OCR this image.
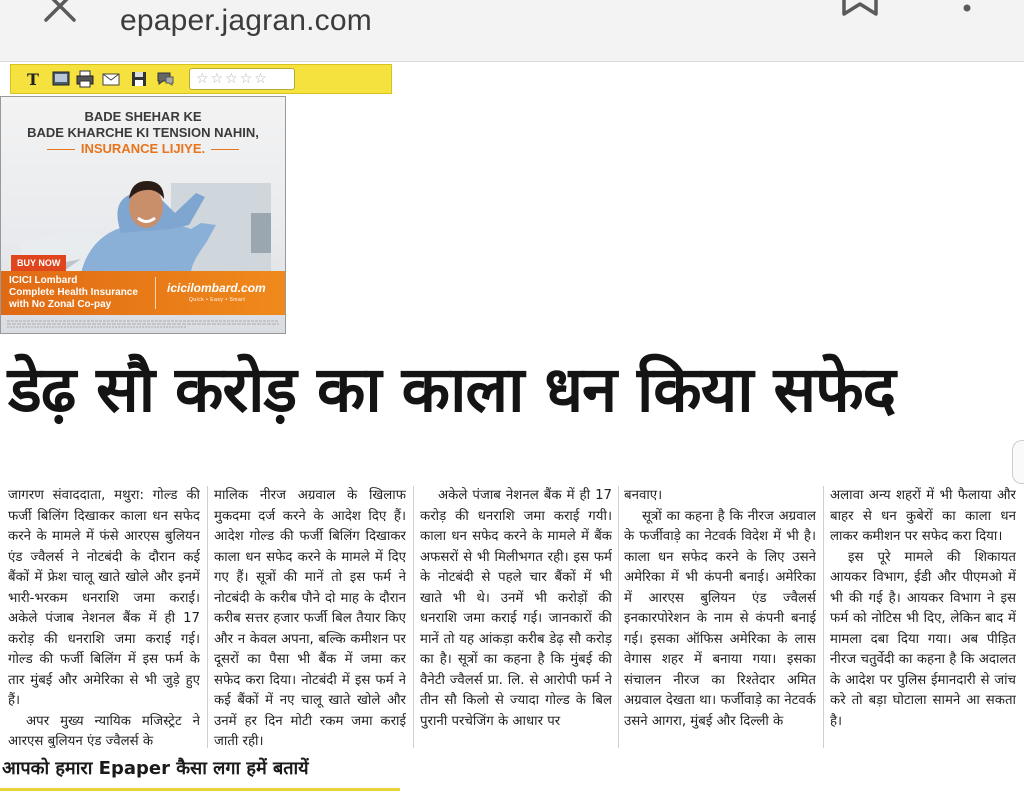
epaper.jagran.com
T	☆ ☆ ☆ ☆ ☆
BADE SHEHAR KE
BADE KHARCHE KI TENSION NAHIN,
INSURANCE LIJIYE.
BUY NOW
ICICI Lombard
Complete Health Insurance
with No Zonal Co-pay
icicilombard.com
Quick • Easy • Smart
डेढ़ सौ करोड़ का काला धन किया सफेद

जागरण संवाददाता, मथुरा: गोल्ड की फर्जी बिलिंग दिखाकर काला धन सफेद करने के मामले में फंसे आरएस बुलियन एंड ज्वैलर्स ने नोटबंदी के दौरान कई बैंकों में फ्रेश चालू खाते खोले और इनमें भारी-भरकम धनराशि जमा कराई। अकेले पंजाब नेशनल बैंक में ही 17 करोड़ की धनराशि जमा कराई गई। गोल्ड की फर्जी बिलिंग में इस फर्म के तार मुंबई और अमेरिका से भी जुड़े हुए हैं।

अपर मुख्य न्यायिक मजिस्ट्रेट ने आरएस बुलियन एंड ज्वैलर्स के

मालिक नीरज अग्रवाल के खिलाफ मुकदमा दर्ज करने के आदेश दिए हैं। आदेश गोल्ड की फर्जी बिलिंग दिखाकर काला धन सफेद करने के मामले में दिए गए हैं। सूत्रों की मानें तो इस फर्म ने नोटबंदी के करीब पौने दो माह के दौरान करीब सत्तर हजार फर्जी बिल तैयार किए और न केवल अपना, बल्कि कमीशन पर दूसरों का पैसा भी बैंक में जमा कर सफेद करा दिया। नोटबंदी में इस फर्म ने कई बैंकों में नए चालू खाते खोले और उनमें हर दिन मोटी रकम जमा कराई जाती रही।

अकेले पंजाब नेशनल बैंक में ही 17 करोड़ की धनराशि जमा कराई गयी। काला धन सफेद करने के मामले में बैंक अफसरों से भी मिलीभगत रही। इस फर्म के नोटबंदी से पहले चार बैंकों में भी खाते भी थे। उनमें भी करोड़ों की धनराशि जमा कराई गई। जानकारों की मानें तो यह आंकड़ा करीब डेढ़ सौ करोड़ का है। सूत्रों का कहना है कि मुंबई की वैनेटी ज्वैलर्स प्रा. लि. से आरोपी फर्म ने तीन सौ किलो से ज्यादा गोल्ड के बिल पुरानी परचेजिंग के आधार पर

बनवाए।

सूत्रों का कहना है कि नीरज अग्रवाल के फर्जीवाड़े का नेटवर्क विदेश में भी है। काला धन सफेद करने के लिए उसने अमेरिका में भी कंपनी बनाई। अमेरिका में आरएस बुलियन एंड ज्वैलर्स इनकारपोरेशन के नाम से कंपनी बनाई गई। इसका ऑफिस अमेरिका के लास वेगास शहर में बनाया गया। इसका संचालन नीरज का रिश्तेदार अमित अग्रवाल देखता था। फर्जीवाड़े का नेटवर्क उसने आगरा, मुंबई और दिल्ली के

अलावा अन्य शहरों में भी फैलाया और बाहर से धन कुबेरों का काला धन लाकर कमीशन पर सफेद करा दिया।

इस पूरे मामले की शिकायत आयकर विभाग, ईडी और पीएमओ में भी की गई है। आयकर विभाग ने इस फर्म को नोटिस भी दिए, लेकिन बाद में मामला दबा दिया गया। अब पीड़ित नीरज चतुर्वेदी का कहना है कि अदालत के आदेश पर पुलिस ईमानदारी से जांच करे तो बड़ा घोटाला सामने आ सकता है।

आपको हमारा Epaper कैसा लगा हमें बतायें
